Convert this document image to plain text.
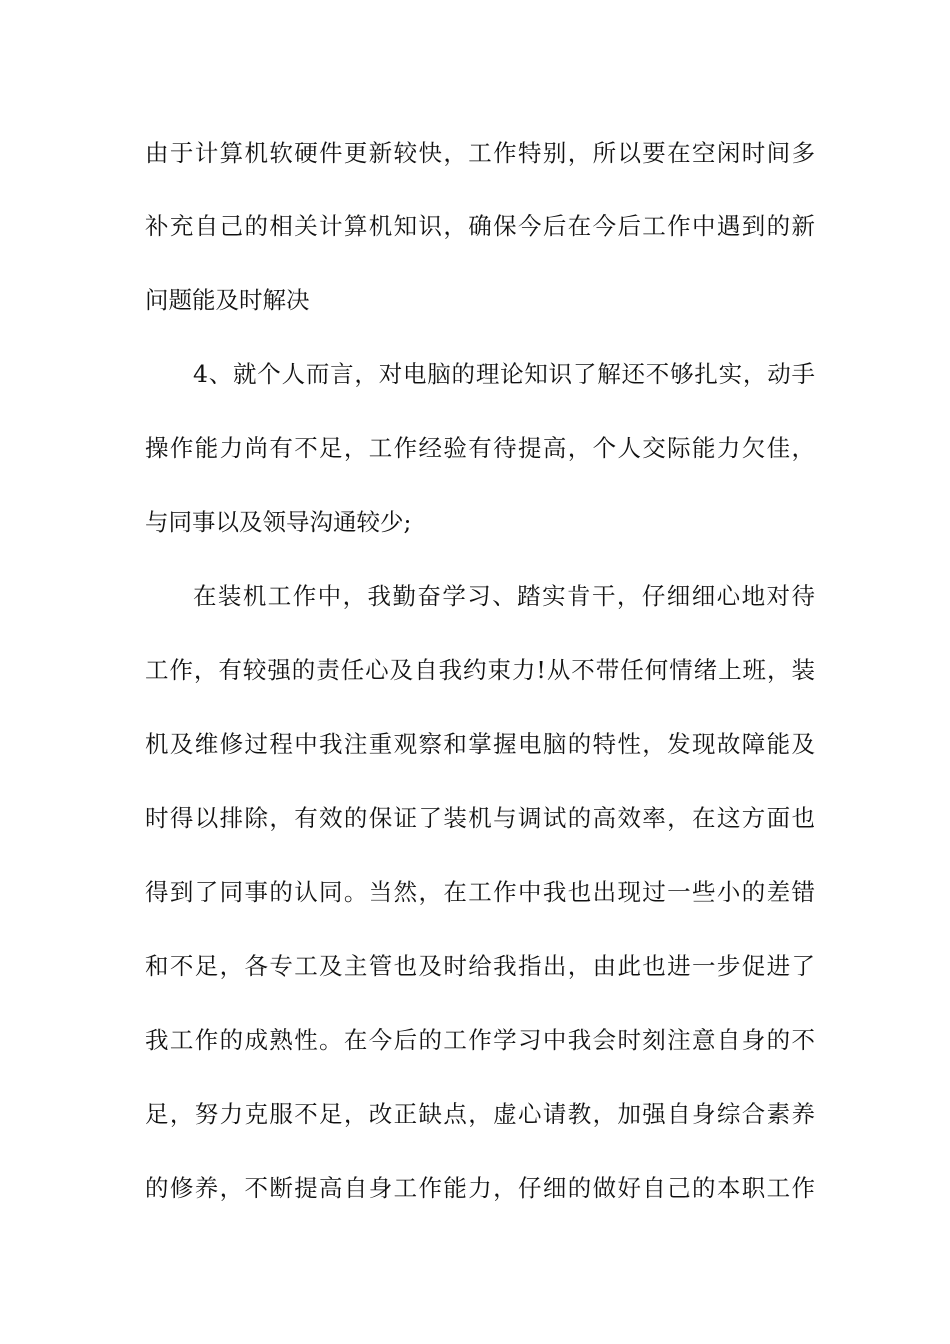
由于计算机软硬件更新较快，工作特别，所以要在空闲时间多
补充自己的相关计算机知识，确保今后在今后工作中遇到的新
问题能及时解决
4、就个人而言，对电脑的理论知识了解还不够扎实，动手
操作能力尚有不足，工作经验有待提高，个人交际能力欠佳，
与同事以及领导沟通较少;
在装机工作中，我勤奋学习、踏实肯干，仔细细心地对待
工作，有较强的责任心及自我约束力!从不带任何情绪上班，装
机及维修过程中我注重观察和掌握电脑的特性，发现故障能及
时得以排除，有效的保证了装机与调试的高效率，在这方面也
得到了同事的认同。当然，在工作中我也出现过一些小的差错
和不足，各专工及主管也及时给我指出，由此也进一步促进了
我工作的成熟性。在今后的工作学习中我会时刻注意自身的不
足，努力克服不足，改正缺点，虚心请教，加强自身综合素养
的修养，不断提高自身工作能力，仔细的做好自己的本职工作
